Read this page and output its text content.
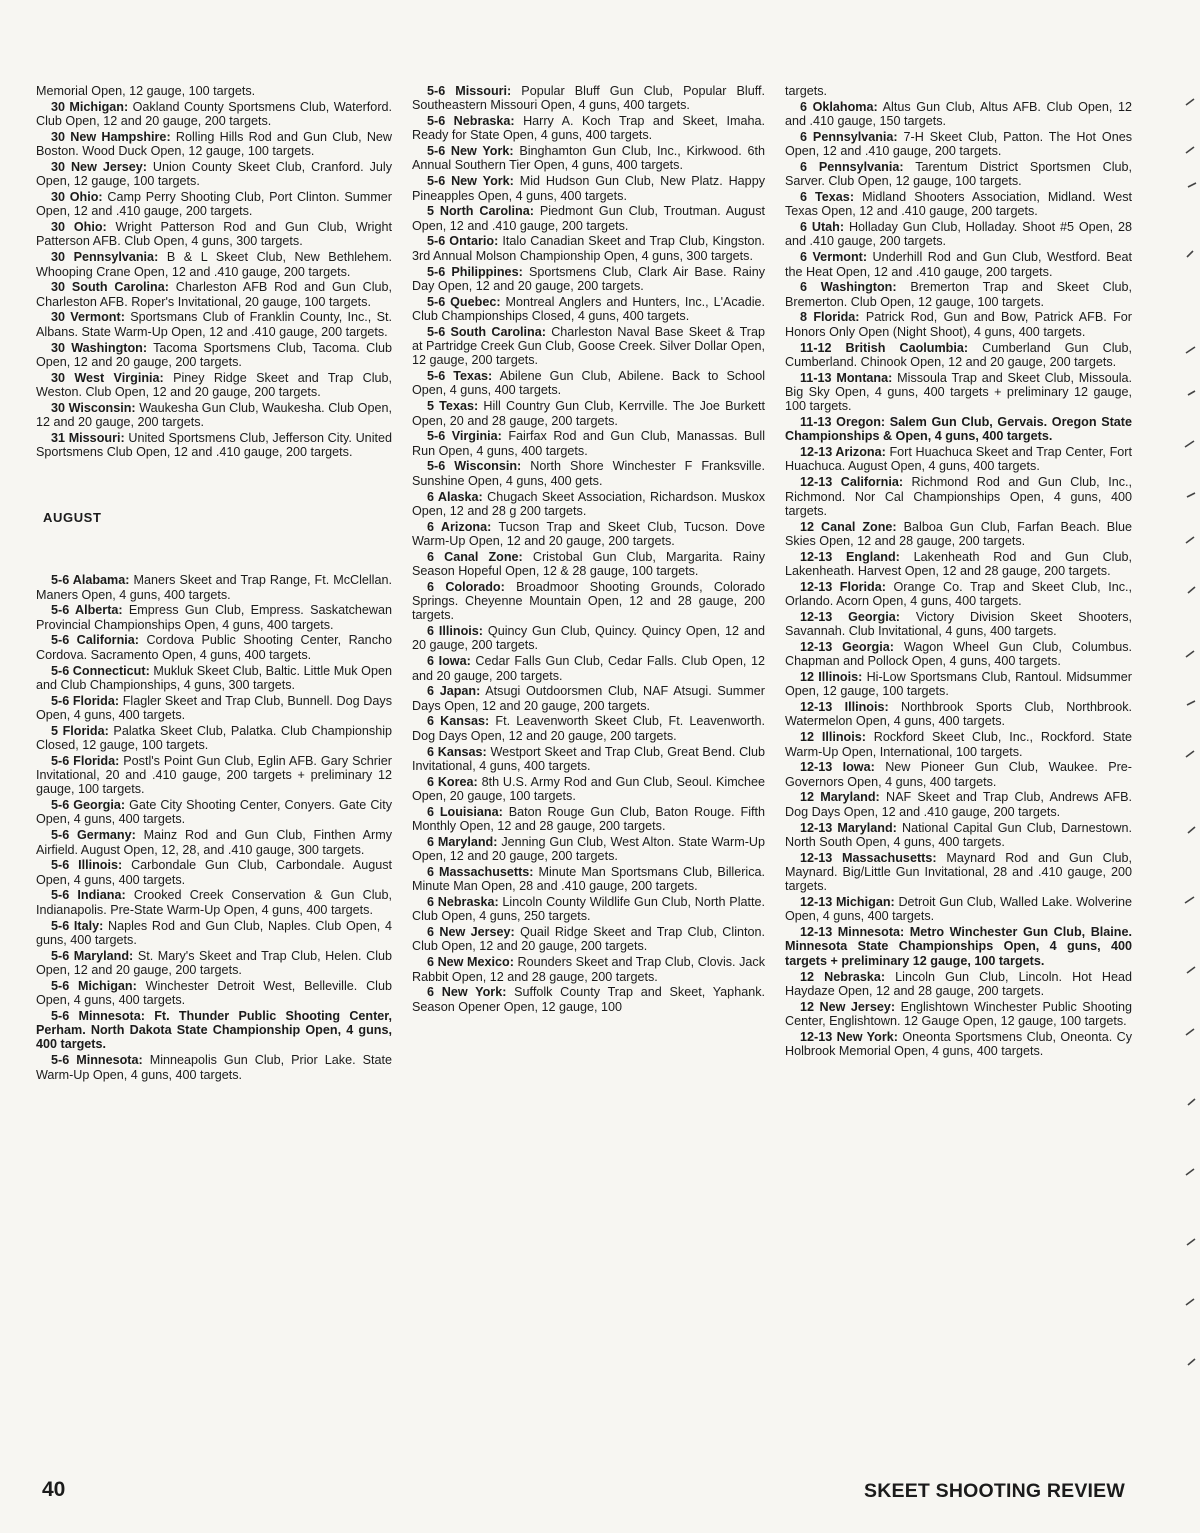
Memorial Open, 12 gauge, 100 targets.

30 Michigan: Oakland County Sportsmens Club, Waterford. Club Open, 12 and 20 gauge, 200 targets.

30 New Hampshire: Rolling Hills Rod and Gun Club, New Boston. Wood Duck Open, 12 gauge, 100 targets.

30 New Jersey: Union County Skeet Club, Cranford. July Open, 12 gauge, 100 targets.

30 Ohio: Camp Perry Shooting Club, Port Clinton. Summer Open, 12 and .410 gauge, 200 targets.

30 Ohio: Wright Patterson Rod and Gun Club, Wright Patterson AFB. Club Open, 4 guns, 300 targets.

30 Pennsylvania: B & L Skeet Club, New Bethlehem. Whooping Crane Open, 12 and .410 gauge, 200 targets.

30 South Carolina: Charleston AFB Rod and Gun Club, Charleston AFB. Roper's Invitational, 20 gauge, 100 targets.

30 Vermont: Sportsmans Club of Franklin County, Inc., St. Albans. State Warm-Up Open, 12 and .410 gauge, 200 targets.

30 Washington: Tacoma Sportsmens Club, Tacoma. Club Open, 12 and 20 gauge, 200 targets.

30 West Virginia: Piney Ridge Skeet and Trap Club, Weston. Club Open, 12 and 20 gauge, 200 targets.

30 Wisconsin: Waukesha Gun Club, Waukesha. Club Open, 12 and 20 gauge, 200 targets.

31 Missouri: United Sportsmens Club, Jefferson City. United Sportsmens Club Open, 12 and .410 gauge, 200 targets.

AUGUST

5-6 Alabama: Maners Skeet and Trap Range, Ft. McClellan. Maners Open, 4 guns, 400 targets.

5-6 Alberta: Empress Gun Club, Empress. Saskatchewan Provincial Championships Open, 4 guns, 400 targets.

5-6 California: Cordova Public Shooting Center, Rancho Cordova. Sacramento Open, 4 guns, 400 targets.

5-6 Connecticut: Mukluk Skeet Club, Baltic. Little Muk Open and Club Championships, 4 guns, 300 targets.

5-6 Florida: Flagler Skeet and Trap Club, Bunnell. Dog Days Open, 4 guns, 400 targets.

5 Florida: Palatka Skeet Club, Palatka. Club Championship Closed, 12 gauge, 100 targets.

5-6 Florida: Postl's Point Gun Club, Eglin AFB. Gary Schrier Invitational, 20 and .410 gauge, 200 targets + preliminary 12 gauge, 100 targets.

5-6 Georgia: Gate City Shooting Center, Conyers. Gate City Open, 4 guns, 400 targets.

5-6 Germany: Mainz Rod and Gun Club, Finthen Army Airfield. August Open, 12, 28, and .410 gauge, 300 targets.

5-6 Illinois: Carbondale Gun Club, Carbondale. August Open, 4 guns, 400 targets.

5-6 Indiana: Crooked Creek Conservation & Gun Club, Indianapolis. Pre-State Warm-Up Open, 4 guns, 400 targets.

5-6 Italy: Naples Rod and Gun Club, Naples. Club Open, 4 guns, 400 targets.

5-6 Maryland: St. Mary's Skeet and Trap Club, Helen. Club Open, 12 and 20 gauge, 200 targets.

5-6 Michigan: Winchester Detroit West, Belleville. Club Open, 4 guns, 400 targets.

5-6 Minnesota: Ft. Thunder Public Shooting Center, Perham. North Dakota State Championship Open, 4 guns, 400 targets.

5-6 Minnesota: Minneapolis Gun Club, Prior Lake. State Warm-Up Open, 4 guns, 400 targets.

5-6 Missouri: Popular Bluff Gun Club, Popular Bluff. Southeastern Missouri Open, 4 guns, 400 targets.

5-6 Nebraska: Harry A. Koch Trap and Skeet, Imaha. Ready for State Open, 4 guns, 400 targets.

5-6 New York: Binghamton Gun Club, Inc., Kirkwood. 6th Annual Southern Tier Open, 4 guns, 400 targets.

5-6 New York: Mid Hudson Gun Club, New Platz. Happy Pineapples Open, 4 guns, 400 targets.

5 North Carolina: Piedmont Gun Club, Troutman. August Open, 12 and .410 gauge, 200 targets.

5-6 Ontario: Italo Canadian Skeet and Trap Club, Kingston. 3rd Annual Molson Championship Open, 4 guns, 300 targets.

5-6 Philippines: Sportsmens Club, Clark Air Base. Rainy Day Open, 12 and 20 gauge, 200 targets.

5-6 Quebec: Montreal Anglers and Hunters, Inc., L'Acadie. Club Championships Closed, 4 guns, 400 targets.

5-6 South Carolina: Charleston Naval Base Skeet & Trap at Partridge Creek Gun Club, Goose Creek. Silver Dollar Open, 12 gauge, 200 targets.

5-6 Texas: Abilene Gun Club, Abilene. Back to School Open, 4 guns, 400 targets.

5 Texas: Hill Country Gun Club, Kerrville. The Joe Burkett Open, 20 and 28 gauge, 200 targets.

5-6 Virginia: Fairfax Rod and Gun Club, Manassas. Bull Run Open, 4 guns, 400 targets.

5-6 Wisconsin: North Shore Winchester F Franksville. Sunshine Open, 4 guns, 400 gets.

6 Alaska: Chugach Skeet Association, Richardson. Muskox Open, 12 and 28 g 200 targets.

6 Arizona: Tucson Trap and Skeet Club, Tucson. Dove Warm-Up Open, 12 and 20 gauge, 200 targets.

6 Canal Zone: Cristobal Gun Club, Margarita. Rainy Season Hopeful Open, 12 & 28 gauge, 100 targets.

6 Colorado: Broadmoor Shooting Grounds, Colorado Springs. Cheyenne Mountain Open, 12 and 28 gauge, 200 targets.

6 Illinois: Quincy Gun Club, Quincy. Quincy Open, 12 and 20 gauge, 200 targets.

6 Iowa: Cedar Falls Gun Club, Cedar Falls. Club Open, 12 and 20 gauge, 200 targets.

6 Japan: Atsugi Outdoorsmen Club, NAF Atsugi. Summer Days Open, 12 and 20 gauge, 200 targets.

6 Kansas: Ft. Leavenworth Skeet Club, Ft. Leavenworth. Dog Days Open, 12 and 20 gauge, 200 targets.

6 Kansas: Westport Skeet and Trap Club, Great Bend. Club Invitational, 4 guns, 400 targets.

6 Korea: 8th U.S. Army Rod and Gun Club, Seoul. Kimchee Open, 20 gauge, 100 targets.

6 Louisiana: Baton Rouge Gun Club, Baton Rouge. Fifth Monthly Open, 12 and 28 gauge, 200 targets.

6 Maryland: Jenning Gun Club, West Alton. State Warm-Up Open, 12 and 20 gauge, 200 targets.

6 Massachusetts: Minute Man Sportsmans Club, Billerica. Minute Man Open, 28 and .410 gauge, 200 targets.

6 Nebraska: Lincoln County Wildlife Gun Club, North Platte. Club Open, 4 guns, 250 targets.

6 New Jersey: Quail Ridge Skeet and Trap Club, Clinton. Club Open, 12 and 20 gauge, 200 targets.

6 New Mexico: Rounders Skeet and Trap Club, Clovis. Jack Rabbit Open, 12 and 28 gauge, 200 targets.

6 New York: Suffolk County Trap and Skeet, Yaphank. Season Opener Open, 12 gauge, 100

targets.

6 Oklahoma: Altus Gun Club, Altus AFB. Club Open, 12 and .410 gauge, 150 targets.

6 Pennsylvania: 7-H Skeet Club, Patton. The Hot Ones Open, 12 and .410 gauge, 200 targets.

6 Pennsylvania: Tarentum District Sportsmen Club, Sarver. Club Open, 12 gauge, 100 targets.

6 Texas: Midland Shooters Association, Midland. West Texas Open, 12 and .410 gauge, 200 targets.

6 Utah: Holladay Gun Club, Holladay. Shoot #5 Open, 28 and .410 gauge, 200 targets.

6 Vermont: Underhill Rod and Gun Club, Westford. Beat the Heat Open, 12 and .410 gauge, 200 targets.

6 Washington: Bremerton Trap and Skeet Club, Bremerton. Club Open, 12 gauge, 100 targets.

8 Florida: Patrick Rod, Gun and Bow, Patrick AFB. For Honors Only Open (Night Shoot), 4 guns, 400 targets.

11-12 British Caolumbia: Cumberland Gun Club, Cumberland. Chinook Open, 12 and 20 gauge, 200 targets.

11-13 Montana: Missoula Trap and Skeet Club, Missoula. Big Sky Open, 4 guns, 400 targets + preliminary 12 gauge, 100 targets.

11-13 Oregon: Salem Gun Club, Gervais. Oregon State Championships & Open, 4 guns, 400 targets.

12-13 Arizona: Fort Huachuca Skeet and Trap Center, Fort Huachuca. August Open, 4 guns, 400 targets.

12-13 California: Richmond Rod and Gun Club, Inc., Richmond. Nor Cal Championships Open, 4 guns, 400 targets.

12 Canal Zone: Balboa Gun Club, Farfan Beach. Blue Skies Open, 12 and 28 gauge, 200 targets.

12-13 England: Lakenheath Rod and Gun Club, Lakenheath. Harvest Open, 12 and 28 gauge, 200 targets.

12-13 Florida: Orange Co. Trap and Skeet Club, Inc., Orlando. Acorn Open, 4 guns, 400 targets.

12-13 Georgia: Victory Division Skeet Shooters, Savannah. Club Invitational, 4 guns, 400 targets.

12-13 Georgia: Wagon Wheel Gun Club, Columbus. Chapman and Pollock Open, 4 guns, 400 targets.

12 Illinois: Hi-Low Sportsmans Club, Rantoul. Midsummer Open, 12 gauge, 100 targets.

12-13 Illinois: Northbrook Sports Club, Northbrook. Watermelon Open, 4 guns, 400 targets.

12 Illinois: Rockford Skeet Club, Inc., Rockford. State Warm-Up Open, International, 100 targets.

12-13 Iowa: New Pioneer Gun Club, Waukee. Pre-Governors Open, 4 guns, 400 targets.

12 Maryland: NAF Skeet and Trap Club, Andrews AFB. Dog Days Open, 12 and .410 gauge, 200 targets.

12-13 Maryland: National Capital Gun Club, Darnestown. North South Open, 4 guns, 400 targets.

12-13 Massachusetts: Maynard Rod and Gun Club, Maynard. Big/Little Gun Invitational, 28 and .410 gauge, 200 targets.

12-13 Michigan: Detroit Gun Club, Walled Lake. Wolverine Open, 4 guns, 400 targets.

12-13 Minnesota: Metro Winchester Gun Club, Blaine. Minnesota State Championships Open, 4 guns, 400 targets + preliminary 12 gauge, 100 targets.

12 Nebraska: Lincoln Gun Club, Lincoln. Hot Head Haydaze Open, 12 and 28 gauge, 200 targets.

12 New Jersey: Englishtown Winchester Public Shooting Center, Englishtown. 12 Gauge Open, 12 gauge, 100 targets.

12-13 New York: Oneonta Sportsmens Club, Oneonta. Cy Holbrook Memorial Open, 4 guns, 400 targets.

40	SKEET SHOOTING REVIEW
